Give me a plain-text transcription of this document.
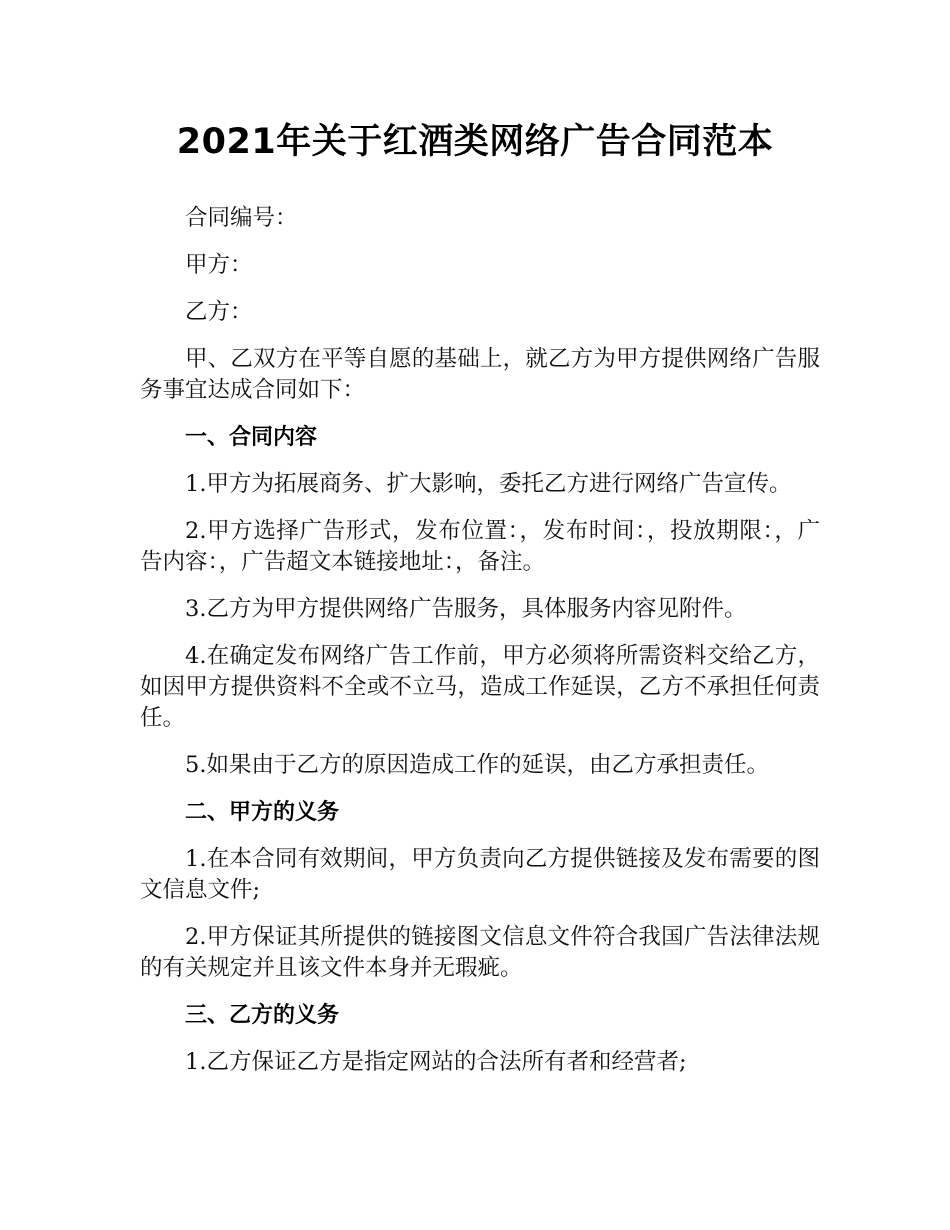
2021年关于红酒类网络广告合同范本

合同编号：

甲方：

乙方：

甲、乙双方在平等自愿的基础上，就乙方为甲方提供网络广告服务事宜达成合同如下：

一、合同内容

1.甲方为拓展商务、扩大影响，委托乙方进行网络广告宣传。

2.甲方选择广告形式，发布位置：，发布时间：，投放期限：，广告内容：，广告超文本链接地址：，备注。

3.乙方为甲方提供网络广告服务，具体服务内容见附件。

4.在确定发布网络广告工作前，甲方必须将所需资料交给乙方，如因甲方提供资料不全或不立马，造成工作延误，乙方不承担任何责任。

5.如果由于乙方的原因造成工作的延误，由乙方承担责任。

二、甲方的义务

1.在本合同有效期间，甲方负责向乙方提供链接及发布需要的图文信息文件;

2.甲方保证其所提供的链接图文信息文件符合我国广告法律法规的有关规定并且该文件本身并无瑕疵。

三、乙方的义务

1.乙方保证乙方是指定网站的合法所有者和经营者;
